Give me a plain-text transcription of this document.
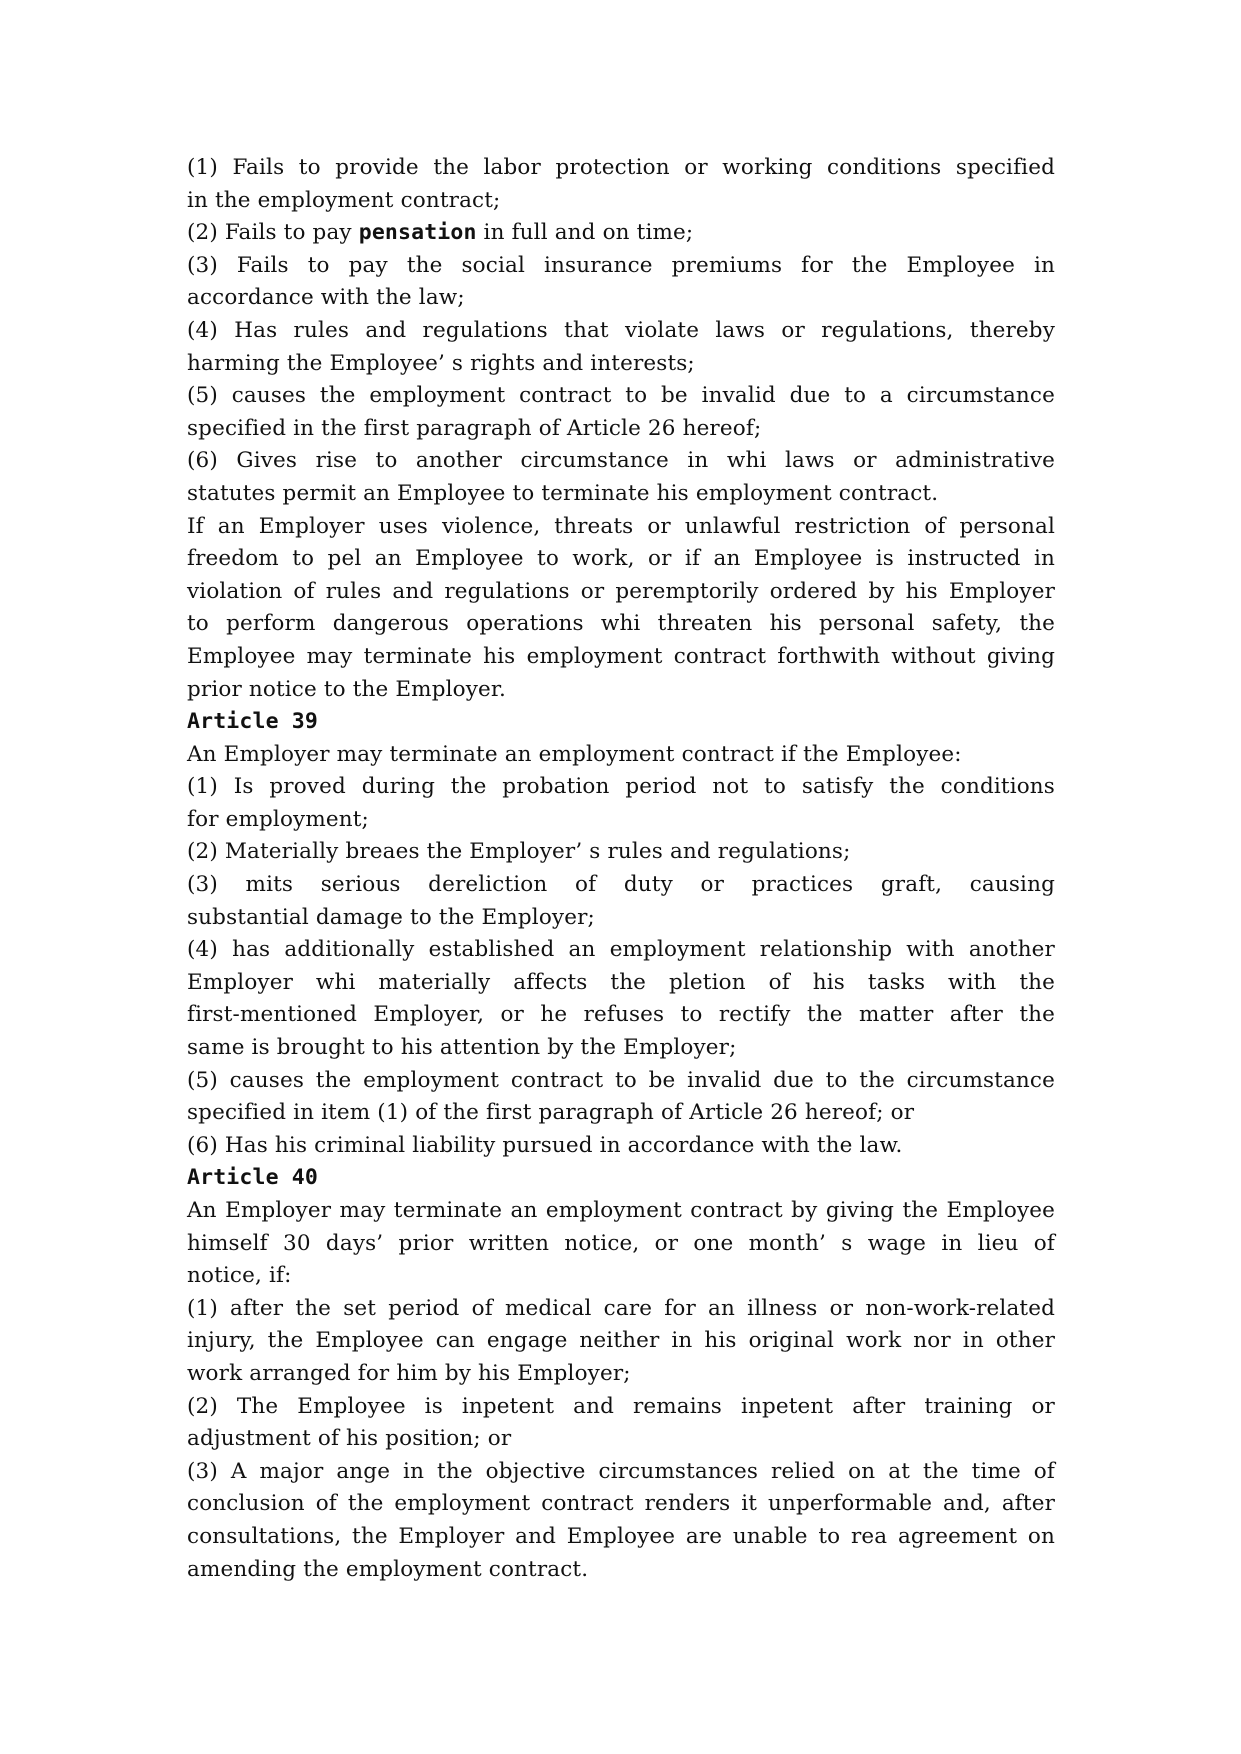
(1) Fails to provide the labor protection or working conditions specified

in the employment contract;

(2) Fails to pay pensation in full and on time;

(3) Fails to pay the social insurance premiums for the Employee in

accordance with the law;

(4) Has rules and regulations that violate laws or regulations, thereby

harming the Employee’ s rights and interests;

(5) causes the employment contract to be invalid due to a circumstance

specified in the first paragraph of Article 26 hereof;

(6) Gives rise to another circumstance in whi laws or administrative

statutes permit an Employee to terminate his employment contract.

If an Employer uses violence, threats or unlawful restriction of personal

freedom to pel an Employee to work, or if an Employee is instructed in

violation of rules and regulations or peremptorily ordered by his Employer

to perform dangerous operations whi threaten his personal safety, the

Employee may terminate his employment contract forthwith without giving

prior notice to the Employer.

Article 39

An Employer may terminate an employment contract if the Employee:

(1) Is proved during the probation period not to satisfy the conditions

for employment;

(2) Materially breaes the Employer’ s rules and regulations;

(3) mits serious dereliction of duty or practices graft, causing

substantial damage to the Employer;

(4) has additionally established an employment relationship with another

Employer whi materially affects the pletion of his tasks with the

first-mentioned Employer, or he refuses to rectify the matter after the

same is brought to his attention by the Employer;

(5) causes the employment contract to be invalid due to the circumstance

specified in item (1) of the first paragraph of Article 26 hereof; or

(6) Has his criminal liability pursued in accordance with the law.

Article 40

An Employer may terminate an employment contract by giving the Employee

himself 30 days’ prior written notice, or one month’ s wage in lieu of

notice, if:

(1) after the set period of medical care for an illness or non-work-related

injury, the Employee can engage neither in his original work nor in other

work arranged for him by his Employer;

(2) The Employee is inpetent and remains inpetent after training or

adjustment of his position; or

(3) A major ange in the objective circumstances relied on at the time of

conclusion of the employment contract renders it unperformable and, after

consultations, the Employer and Employee are unable to rea agreement on

amending the employment contract.
